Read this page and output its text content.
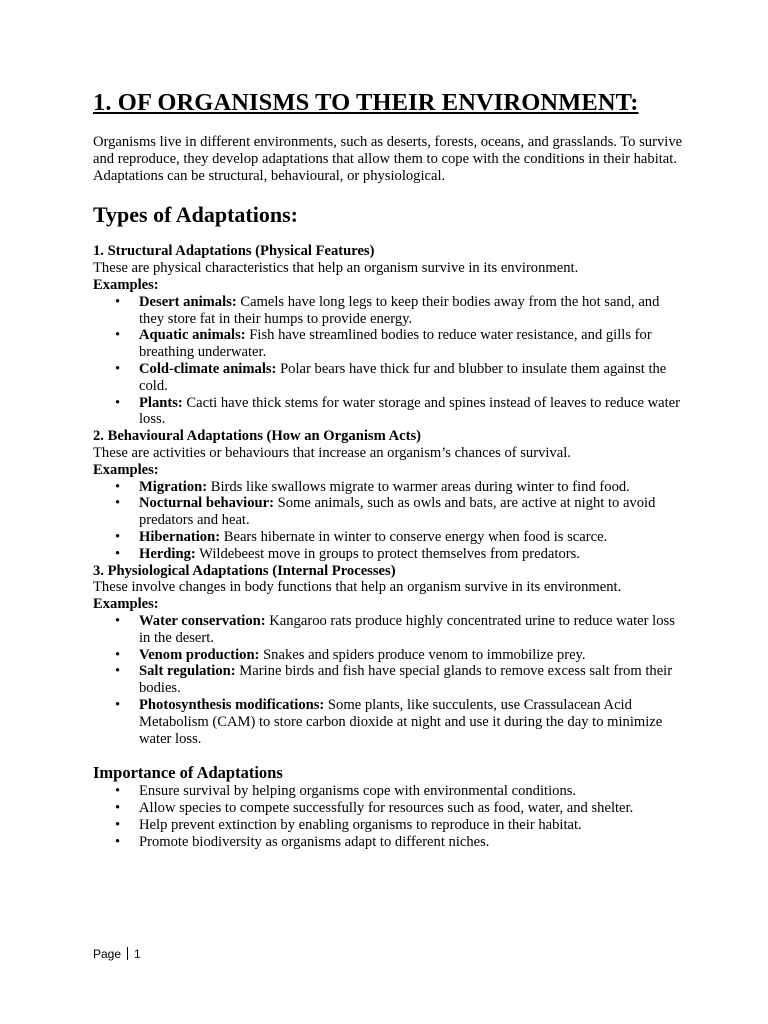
1. OF ORGANISMS TO THEIR ENVIRONMENT:

Organisms live in different environments, such as deserts, forests, oceans, and grasslands. To survive and reproduce, they develop adaptations that allow them to cope with the conditions in their habitat. Adaptations can be structural, behavioural, or physiological.

Types of Adaptations:

1. Structural Adaptations (Physical Features)

These are physical characteristics that help an organism survive in its environment.

Examples:

• Desert animals: Camels have long legs to keep their bodies away from the hot sand, and they store fat in their humps to provide energy.
• Aquatic animals: Fish have streamlined bodies to reduce water resistance, and gills for breathing underwater.
• Cold-climate animals: Polar bears have thick fur and blubber to insulate them against the cold.
• Plants: Cacti have thick stems for water storage and spines instead of leaves to reduce water loss.

2. Behavioural Adaptations (How an Organism Acts)

These are activities or behaviours that increase an organism’s chances of survival.

Examples:

• Migration: Birds like swallows migrate to warmer areas during winter to find food.
• Nocturnal behaviour: Some animals, such as owls and bats, are active at night to avoid predators and heat.
• Hibernation: Bears hibernate in winter to conserve energy when food is scarce.
• Herding: Wildebeest move in groups to protect themselves from predators.

3. Physiological Adaptations (Internal Processes)

These involve changes in body functions that help an organism survive in its environment.

Examples:

• Water conservation: Kangaroo rats produce highly concentrated urine to reduce water loss in the desert.
• Venom production: Snakes and spiders produce venom to immobilize prey.
• Salt regulation: Marine birds and fish have special glands to remove excess salt from their bodies.
• Photosynthesis modifications: Some plants, like succulents, use Crassulacean Acid Metabolism (CAM) to store carbon dioxide at night and use it during the day to minimize water loss.
Importance of Adaptations
• Ensure survival by helping organisms cope with environmental conditions.
• Allow species to compete successfully for resources such as food, water, and shelter.
• Help prevent extinction by enabling organisms to reproduce in their habitat.
• Promote biodiversity as organisms adapt to different niches.
Page 1
